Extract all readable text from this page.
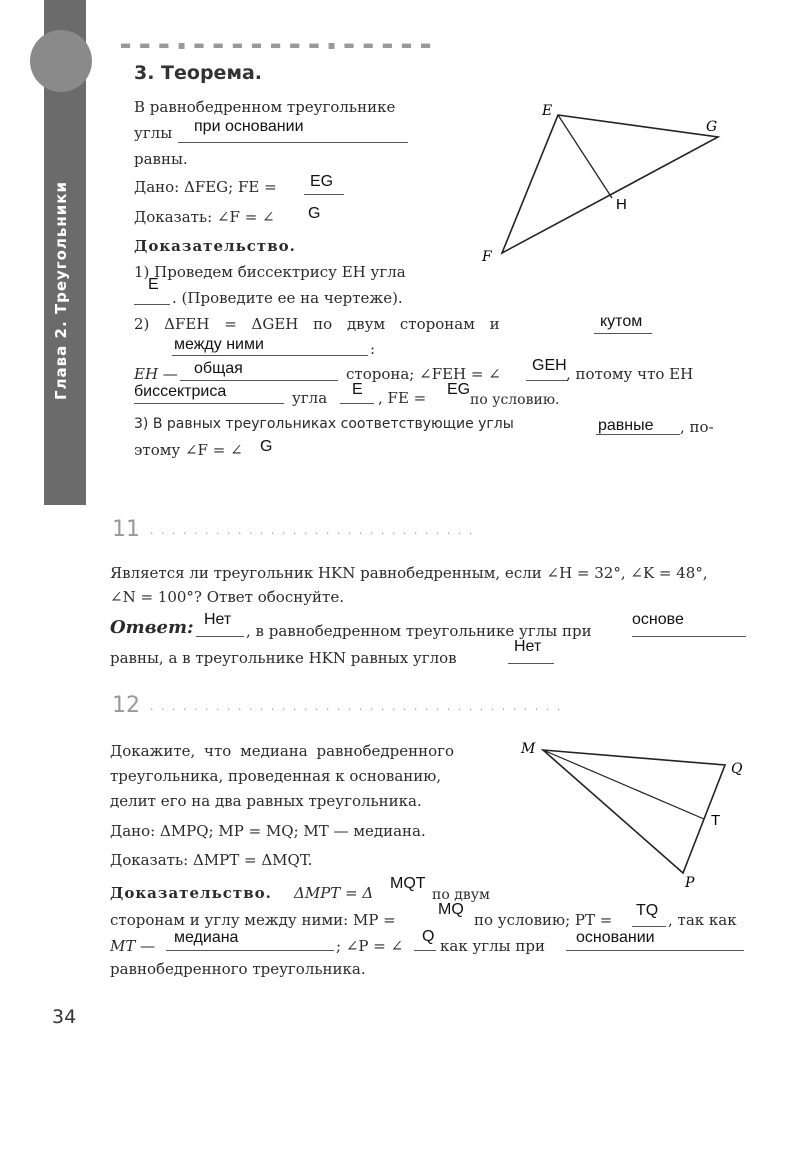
Глава 2. Треугольники
▬ ▬ ▬ ▪ ▬ ▬ ▬ ▬ ▬ ▬ ▬ ▪ ▬ ▬ ▬ ▬ ▬
3. Теорема.
В равнобедренном треугольнике
углы при основании
равны.
Дано: ΔFEG; FE = EG
Доказать: ∠F = ∠ G
Доказательство.
1) Проведем биссектрису EH угла
E
. (Проведите ее на чертеже).
2) ΔFEH = ΔGEH по двум сторонам и	кутом
между ними	:
EH — общая	сторона; ∠FEH = ∠ GEH , потому что EH
биссектриса	угла E , FE = EG
по условию.
3) В равных треугольниках соответствующие углы	равные , по-
этому ∠F = ∠ G
E
G
H
F
11 . . . . . . . . . . . . . . . . . . . . . . . . . . . . . .
Является ли треугольник HKN равнобедренным, если ∠H = 32°, ∠K = 48°,
∠N = 100°? Ответ обоснуйте.
Ответ: Нет
, в равнобедренном треугольнике углы при
основе
равны, а в треугольнике HKN равных углов
Нет
12 . . . . . . . . . . . . . . . . . . . . . . . . . . . . . . . . . . . . . .
Докажите, что медиана равнобедренного
треугольника, проведенная к основанию,
делит его на два равных треугольника.
Дано: ΔMPQ; MP = MQ; MT — медиана.
Доказать: ΔMPT = ΔMQT.
Доказательство. ΔMPT = Δ
MQT
по двум
сторонам и углу между ними: MP =
MQ
по условию; PT =
TQ
, так как
MT — медиана	; ∠P = ∠
Q
как углы при основании
равнобедренного треугольника.
M
Q
T
P
34
